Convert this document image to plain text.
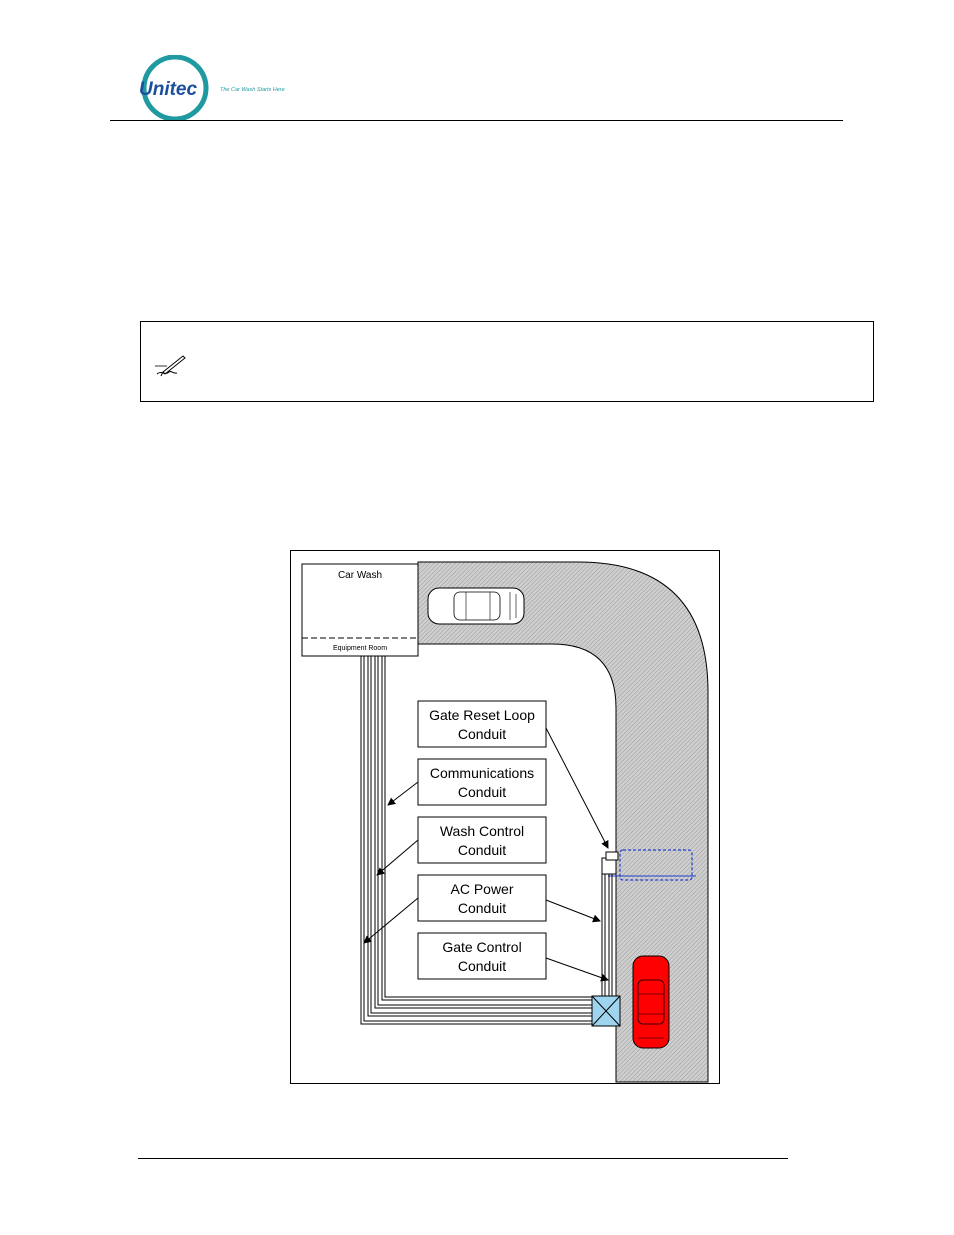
Unitec	The Car Wash Starts Here
Car Wash
Equipment Room
Gate Reset Loop
Conduit
Communications
Conduit
Wash Control
Conduit
AC Power
Conduit
Gate Control
Conduit
